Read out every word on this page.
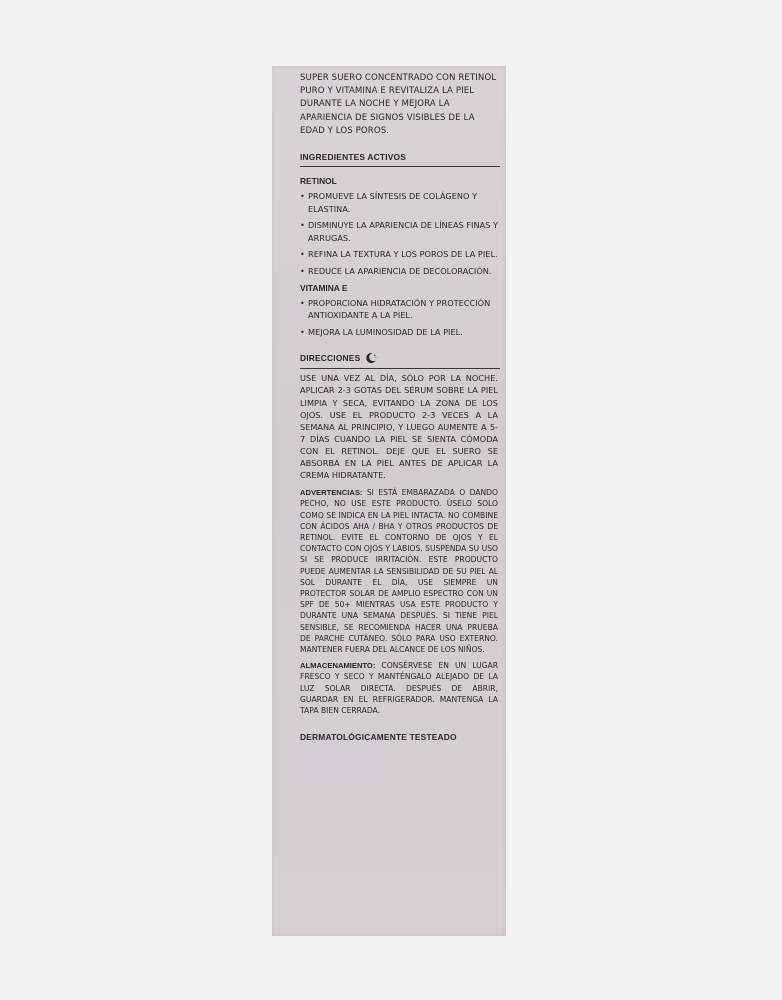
SUPER SUERO CONCENTRADO CON RETINOL PURO Y VITAMINA E REVITALIZA LA PIEL DURANTE LA NOCHE Y MEJORA LA APARIENCIA DE SIGNOS VISIBLES DE LA EDAD Y LOS POROS.

INGREDIENTES ACTIVOS

RETINOL

• PROMUEVE LA SÍNTESIS DE COLÁGENO Y ELASTINA.
• DISMINUYE LA APARIENCIA DE LÍNEAS FINAS Y ARRUGAS.
• REFINA LA TEXTURA Y LOS POROS DE LA PIEL.
• REDUCE LA APARIENCIA DE DECOLORACIÓN.

VITAMINA E

• PROPORCIONA HIDRATACIÓN Y PROTECCIÓN ANTIOXIDANTE A LA PIEL.
• MEJORA LA LUMINOSIDAD DE LA PIEL.

DIRECCIONES

USE UNA VEZ AL DÍA, SÓLO POR LA NOCHE. APLICAR 2-3 GOTAS DEL SÉRUM SOBRE LA PIEL LIMPIA Y SECA, EVITANDO LA ZONA DE LOS OJOS. USE EL PRODUCTO 2-3 VECES A LA SEMANA AL PRINCIPIO, Y LUEGO AUMENTE A 5-7 DÍAS CUANDO LA PIEL SE SIENTA CÓMODA CON EL RETINOL. DEJE QUE EL SUERO SE ABSORBA EN LA PIEL ANTES DE APLICAR LA CREMA HIDRATANTE.

ADVERTENCIAS: SI ESTÁ EMBARAZADA O DANDO PECHO, NO USE ESTE PRODUCTO. ÚSELO SOLO COMO SE INDICA EN LA PIEL INTACTA. NO COMBINE CON ÁCIDOS AHA / BHA Y OTROS PRODUCTOS DE RETINOL. EVITE EL CONTORNO DE OJOS Y EL CONTACTO CON OJOS Y LABIOS. SUSPENDA SU USO SI SE PRODUCE IRRITACIÓN. ESTE PRODUCTO PUEDE AUMENTAR LA SENSIBILIDAD DE SU PIEL AL SOL DURANTE EL DÍA, USE SIEMPRE UN PROTECTOR SOLAR DE AMPLIO ESPECTRO CON UN SPF DE 50+ MIENTRAS USA ESTE PRODUCTO Y DURANTE UNA SEMANA DESPUÉS. SI TIENE PIEL SENSIBLE, SE RECOMIENDA HACER UNA PRUEBA DE PARCHE CUTÁNEO. SÓLO PARA USO EXTERNO. MANTENER FUERA DEL ALCANCE DE LOS NIÑOS.

ALMACENAMIENTO: CONSÉRVESE EN UN LUGAR FRESCO Y SECO Y MANTÉNGALO ALEJADO DE LA LUZ SOLAR DIRECTA. DESPUÉS DE ABRIR, GUARDAR EN EL REFRIGERADOR. MANTENGA LA TAPA BIEN CERRADA.

DERMATOLÓGICAMENTE TESTEADO
